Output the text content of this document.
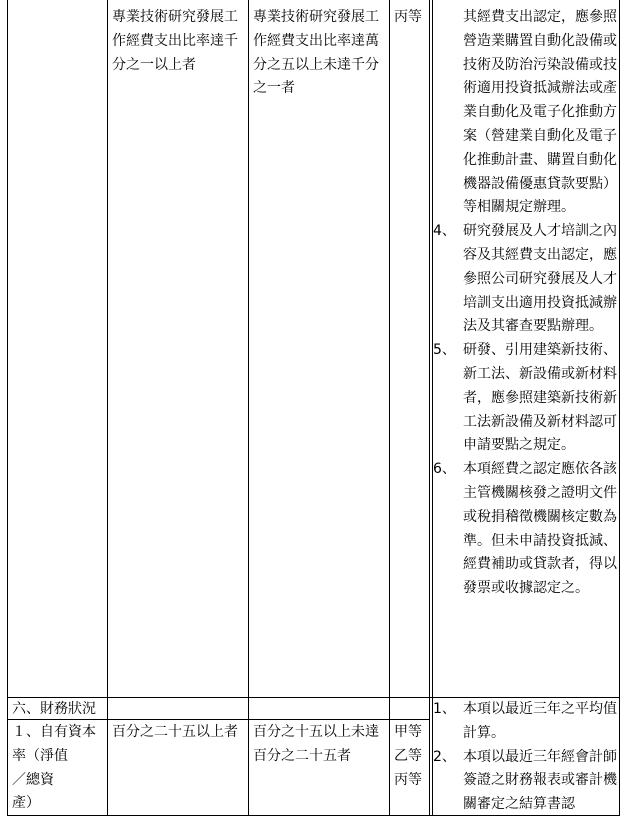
專業技術研究發展工
作經費支出比率達千
分之一以上者
專業技術研究發展工
作經費支出比率達萬
分之五以上未達千分
之一者
丙等	其經費支出認定，應參照營造業購置自動化設備或技術及防治污染設備或技術適用投資抵減辦法或產業自動化及電子化推動方案（營建業自動化及電子化推動計畫、購置自動化機器設備優惠貸款要點）等相關規定辦理。
4、 研究發展及人才培訓之內容及其經費支出認定，應參照公司研究發展及人才培訓支出適用投資抵減辦法及其審查要點辦理。
5、 研發、引用建築新技術、新工法、新設備或新材料者，應參照建築新技術新工法新設備及新材料認可申請要點之規定。
6、 本項經費之認定應依各該主管機關核發之證明文件或稅捐稽徵機關核定數為準。但未申請投資抵減、經費補助或貸款者，得以發票或收據認定之。
六、財務狀況
１、自有資本
率（淨值
／總資
產）
百分之二十五以上者	百分之十五以上未達
百分之二十五者
甲等
乙等
丙等
1、 本項以最近三年之平均值計算。
2、 本項以最近三年經會計師簽證之財務報表或審計機關審定之結算書認
